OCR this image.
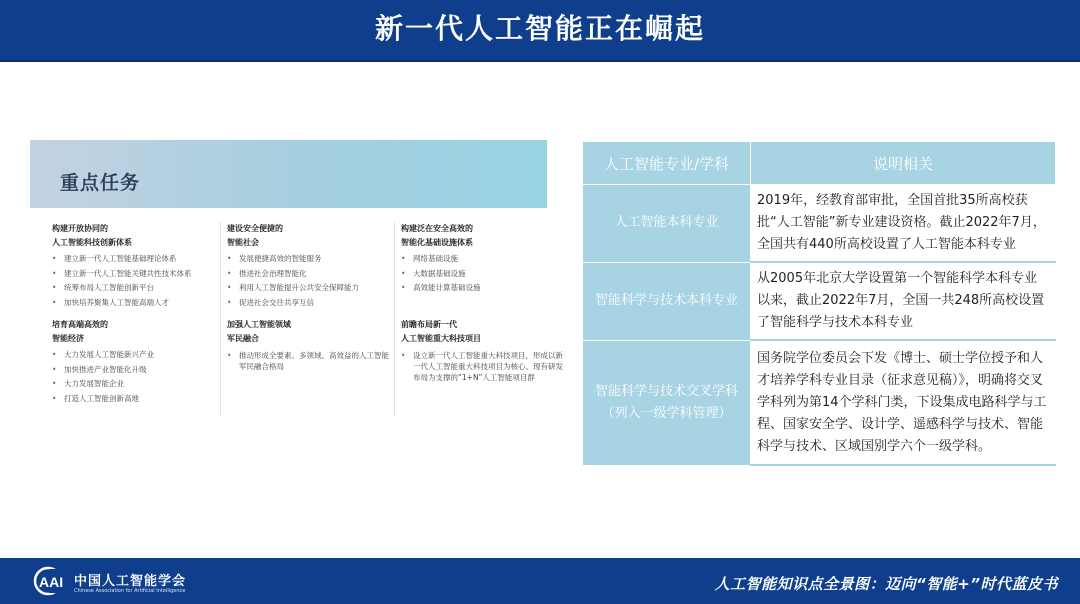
新一代人工智能正在崛起
重点任务
构建开放协同的
人工智能科技创新体系
• 建立新一代人工智能基础理论体系
• 建立新一代人工智能关键共性技术体系
• 统筹布局人工智能创新平台
• 加快培养聚集人工智能高端人才
建设安全便捷的
智能社会
• 发展便捷高效的智能服务
• 推进社会治理智能化
• 利用人工智能提升公共安全保障能力
• 促进社会交往共享互信
构建泛在安全高效的
智能化基础设施体系
• 网络基础设施
• 大数据基础设施
• 高效能计算基础设施
培育高端高效的
智能经济
• 大力发展人工智能新兴产业
• 加快推进产业智能化升级
• 大力发展智能企业
• 打造人工智能创新高地
加强人工智能领域
军民融合
• 推动形成全要素、多领域、高效益的人工智能军民融合格局
前瞻布局新一代
人工智能重大科技项目
• 设立新一代人工智能重大科技项目，形成以新一代人工智能重大科技项目为核心、现有研发布局为支撑的“1+N”人工智能项目群
人工智能专业/学科	说明相关

人工智能本科专业	2019年，经教育部审批，全国首批35所高校获批“人工智能”新专业建设资格。截止2022年7月，全国共有440所高校设置了人工智能本科专业

智能科学与技术本科专业	从2005年北京大学设置第一个智能科学本科专业以来，截止2022年7月，全国一共248所高校设置了智能科学与技术本科专业

智能科学与技术交叉学科
（列入一级学科管理）	国务院学位委员会下发《博士、硕士学位授予和人才培养学科专业目录（征求意见稿）》，明确将交叉学科列为第14个学科门类，下设集成电路科学与工程、国家安全学、设计学、遥感科学与技术、智能科学与技术、区域国别学六个一级学科。
AAI 中国人工智能学会
Chinese Association for Artificial Intelligence	人工智能知识点全景图：迈向“智能+”时代蓝皮书
